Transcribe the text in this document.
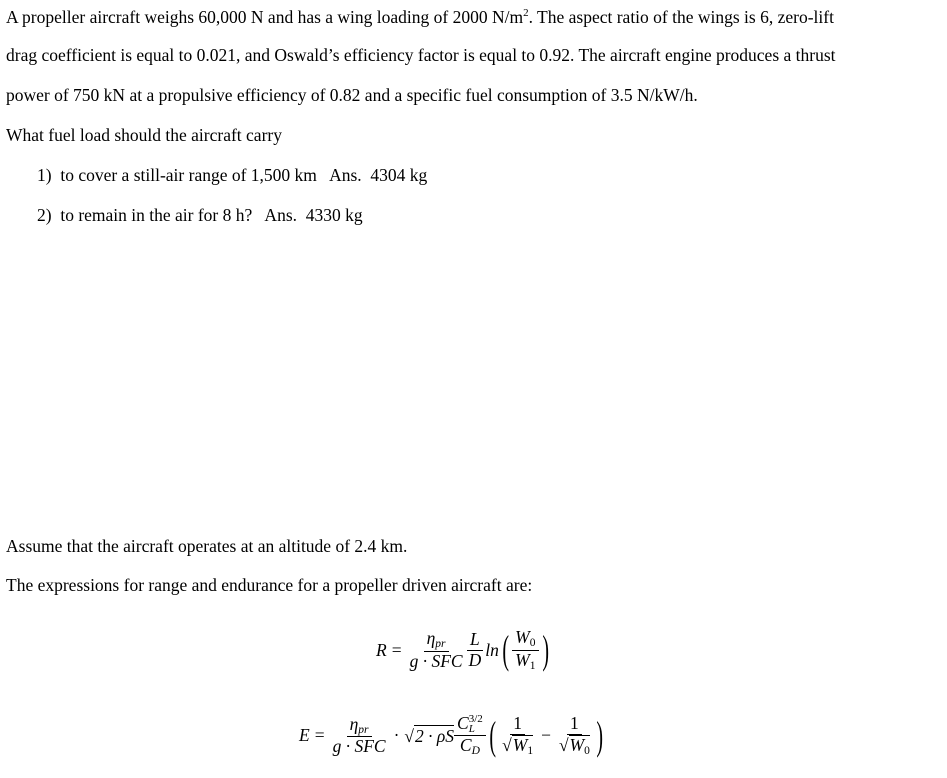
A propeller aircraft weighs 60,000 N and has a wing loading of 2000 $N/m^2$. The aspect ratio of the wings is 6, zero-lift
drag coefficient is equal to 0.021, and Oswald’s efficiency factor is equal to 0.92. The aircraft engine produces a thrust
power of 750 kN at a propulsive efficiency of 0.82 and a specific fuel consumption of 3.5 N/kW/h.
What fuel load should the aircraft carry
1) to cover a still-air range of 1,500 km   Ans.  4304 kg
2) to remain in the air for 8 h?   Ans.  4330 kg
Assume that the aircraft operates at an altitude of 2.4 km.
The expressions for range and endurance for a propeller driven aircraft are:
$R = \frac{\eta_{pr}}{\text{g · SFC}} \frac{L}{D}$ ln ( $\frac{W_0}{W_1}$ )
$E = \frac{\eta_{pr}}{\text{g · SFC}} \cdot √2 \cdot \rho S$ C 3/2
L
$C_D$ ( $\frac{1}{√W_1} - \frac{1}{√W_0}$ )
